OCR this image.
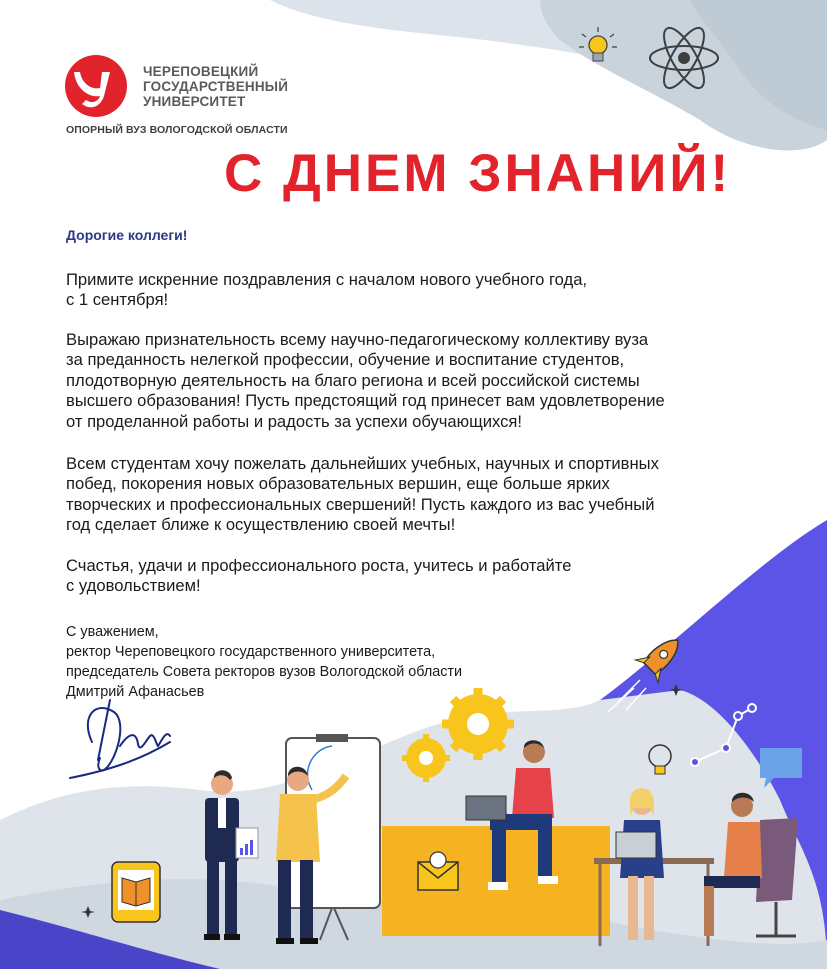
ЧЕРЕПОВЕЦКИЙ
ГОСУДАРСТВЕННЫЙ
УНИВЕРСИТЕТ
ОПОРНЫЙ ВУЗ ВОЛОГОДСКОЙ ОБЛАСТИ
С ДНЕМ ЗНАНИЙ!
Дорогие коллеги!
Примите искренние поздравления с началом нового учебного года,
с 1 сентября!
Выражаю признательность всему научно-педагогическому коллективу вуза
за преданность нелегкой профессии, обучение и воспитание студентов,
плодотворную деятельность на благо региона и всей российской системы
высшего образования! Пусть предстоящий год принесет вам удовлетворение
от проделанной работы и радость за успехи обучающихся!
Всем студентам хочу пожелать дальнейших учебных, научных и спортивных
побед, покорения новых образовательных вершин, еще больше ярких
творческих и профессиональных свершений! Пусть каждого из вас учебный
год сделает ближе к осуществлению своей мечты!
Счастья, удачи и профессионального роста, учитесь и работайте
с удовольствием!
С уважением,
ректор Череповецкого государственного университета,
председатель Совета ректоров вузов Вологодской области
Дмитрий Афанасьев
